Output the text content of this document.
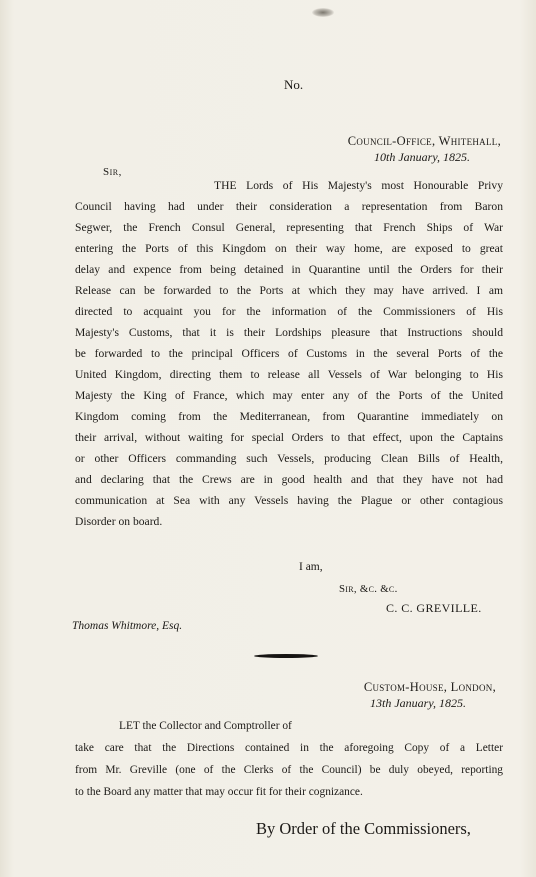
No.
Council-Office, Whitehall,
10th January, 1825.
Sir,
THE Lords of His Majesty's most Honourable Privy
Council having had under their consideration a representation from Baron
Segwer, the French Consul General, representing that French Ships of War
entering the Ports of this Kingdom on their way home, are exposed to great
delay and expence from being detained in Quarantine until the Orders for their
Release can be forwarded to the Ports at which they may have arrived. I am
directed to acquaint you for the information of the Commissioners of His
Majesty's Customs, that it is their Lordships pleasure that Instructions should
be forwarded to the principal Officers of Customs in the several Ports of the
United Kingdom, directing them to release all Vessels of War belonging to His
Majesty the King of France, which may enter any of the Ports of the United
Kingdom coming from the Mediterranean, from Quarantine immediately on
their arrival, without waiting for special Orders to that effect, upon the Captains
or other Officers commanding such Vessels, producing Clean Bills of Health,
and declaring that the Crews are in good health and that they have not had
communication at Sea with any Vessels having the Plague or other contagious
Disorder on board.
I am,
Sir, &c. &c.
C. C. GREVILLE.
Thomas Whitmore, Esq.
Custom-House, London,
13th January, 1825.
LET the Collector and Comptroller of
take care that the Directions contained in the aforegoing Copy of a Letter
from Mr. Greville (one of the Clerks of the Council) be duly obeyed, reporting
to the Board any matter that may occur fit for their cognizance.
By Order of the Commissioners,
